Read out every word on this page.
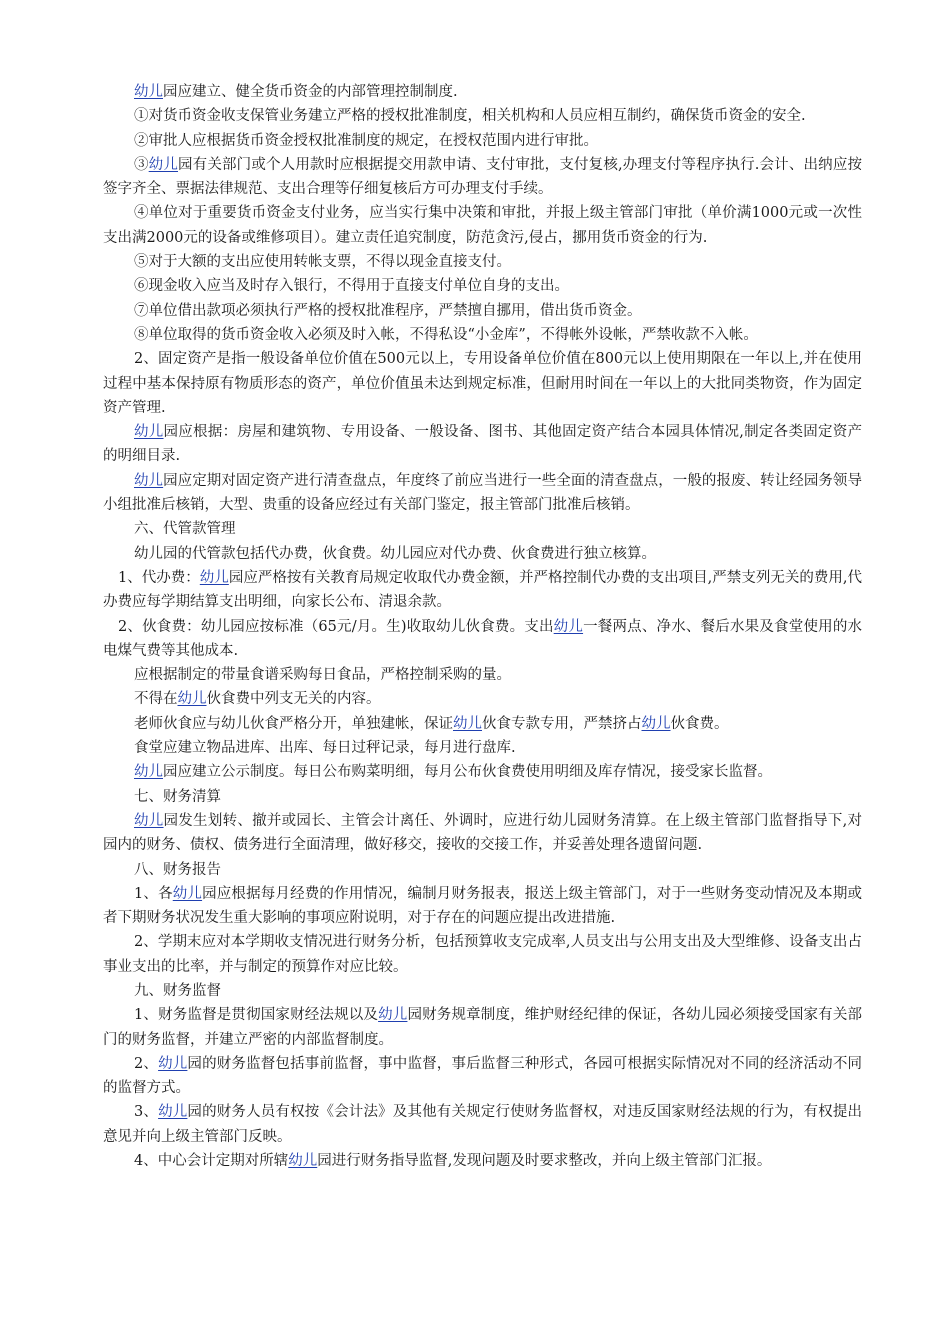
幼儿园应建立、健全货币资金的内部管理控制制度.

①对货币资金收支保管业务建立严格的授权批准制度，相关机构和人员应相互制约，确保货币资金的安全.

②审批人应根据货币资金授权批准制度的规定，在授权范围内进行审批。

③幼儿园有关部门或个人用款时应根据提交用款申请、支付审批，支付复核,办理支付等程序执行.会计、出纳应按签字齐全、票据法律规范、支出合理等仔细复核后方可办理支付手续。

④单位对于重要货币资金支付业务，应当实行集中决策和审批，并报上级主管部门审批（单价满1000元或一次性支出满2000元的设备或维修项目）。建立责任追究制度，防范贪污,侵占，挪用货币资金的行为.

⑤对于大额的支出应使用转帐支票，不得以现金直接支付。

⑥现金收入应当及时存入银行，不得用于直接支付单位自身的支出。

⑦单位借出款项必须执行严格的授权批准程序，严禁擅自挪用，借出货币资金。

⑧单位取得的货币资金收入必须及时入帐，不得私设“小金库”，不得帐外设帐，严禁收款不入帐。

2、固定资产是指一般设备单位价值在500元以上，专用设备单位价值在800元以上使用期限在一年以上,并在使用过程中基本保持原有物质形态的资产，单位价值虽未达到规定标准，但耐用时间在一年以上的大批同类物资，作为固定资产管理.

幼儿园应根据：房屋和建筑物、专用设备、一般设备、图书、其他固定资产结合本园具体情况,制定各类固定资产的明细目录.

幼儿园应定期对固定资产进行清查盘点，年度终了前应当进行一些全面的清查盘点，一般的报废、转让经园务领导小组批准后核销，大型、贵重的设备应经过有关部门鉴定，报主管部门批准后核销。

六、代管款管理

幼儿园的代管款包括代办费，伙食费。幼儿园应对代办费、伙食费进行独立核算。

1、代办费：幼儿园应严格按有关教育局规定收取代办费金额，并严格控制代办费的支出项目,严禁支列无关的费用,代办费应每学期结算支出明细，向家长公布、清退余款。

2、伙食费：幼儿园应按标准（65元/月。生)收取幼儿伙食费。支出幼儿一餐两点、净水、餐后水果及食堂使用的水电煤气费等其他成本.

应根据制定的带量食谱采购每日食品，严格控制采购的量。

不得在幼儿伙食费中列支无关的内容。

老师伙食应与幼儿伙食严格分开，单独建帐，保证幼儿伙食专款专用，严禁挤占幼儿伙食费。

食堂应建立物品进库、出库、每日过秤记录，每月进行盘库.

幼儿园应建立公示制度。每日公布购菜明细，每月公布伙食费使用明细及库存情况，接受家长监督。

七、财务清算

幼儿园发生划转、撤并或园长、主管会计离任、外调时，应进行幼儿园财务清算。在上级主管部门监督指导下,对园内的财务、债权、债务进行全面清理，做好移交，接收的交接工作，并妥善处理各遗留问题.

八、财务报告

1、各幼儿园应根据每月经费的作用情况，编制月财务报表，报送上级主管部门，对于一些财务变动情况及本期或者下期财务状况发生重大影响的事项应附说明，对于存在的问题应提出改进措施.

2、学期末应对本学期收支情况进行财务分析，包括预算收支完成率,人员支出与公用支出及大型维修、设备支出占事业支出的比率，并与制定的预算作对应比较。

九、财务监督

1、财务监督是贯彻国家财经法规以及幼儿园财务规章制度，维护财经纪律的保证，各幼儿园必须接受国家有关部门的财务监督，并建立严密的内部监督制度。

2、幼儿园的财务监督包括事前监督，事中监督，事后监督三种形式，各园可根据实际情况对不同的经济活动不同的监督方式。

3、幼儿园的财务人员有权按《会计法》及其他有关规定行使财务监督权，对违反国家财经法规的行为，有权提出意见并向上级主管部门反映。

4、中心会计定期对所辖幼儿园进行财务指导监督,发现问题及时要求整改，并向上级主管部门汇报。
